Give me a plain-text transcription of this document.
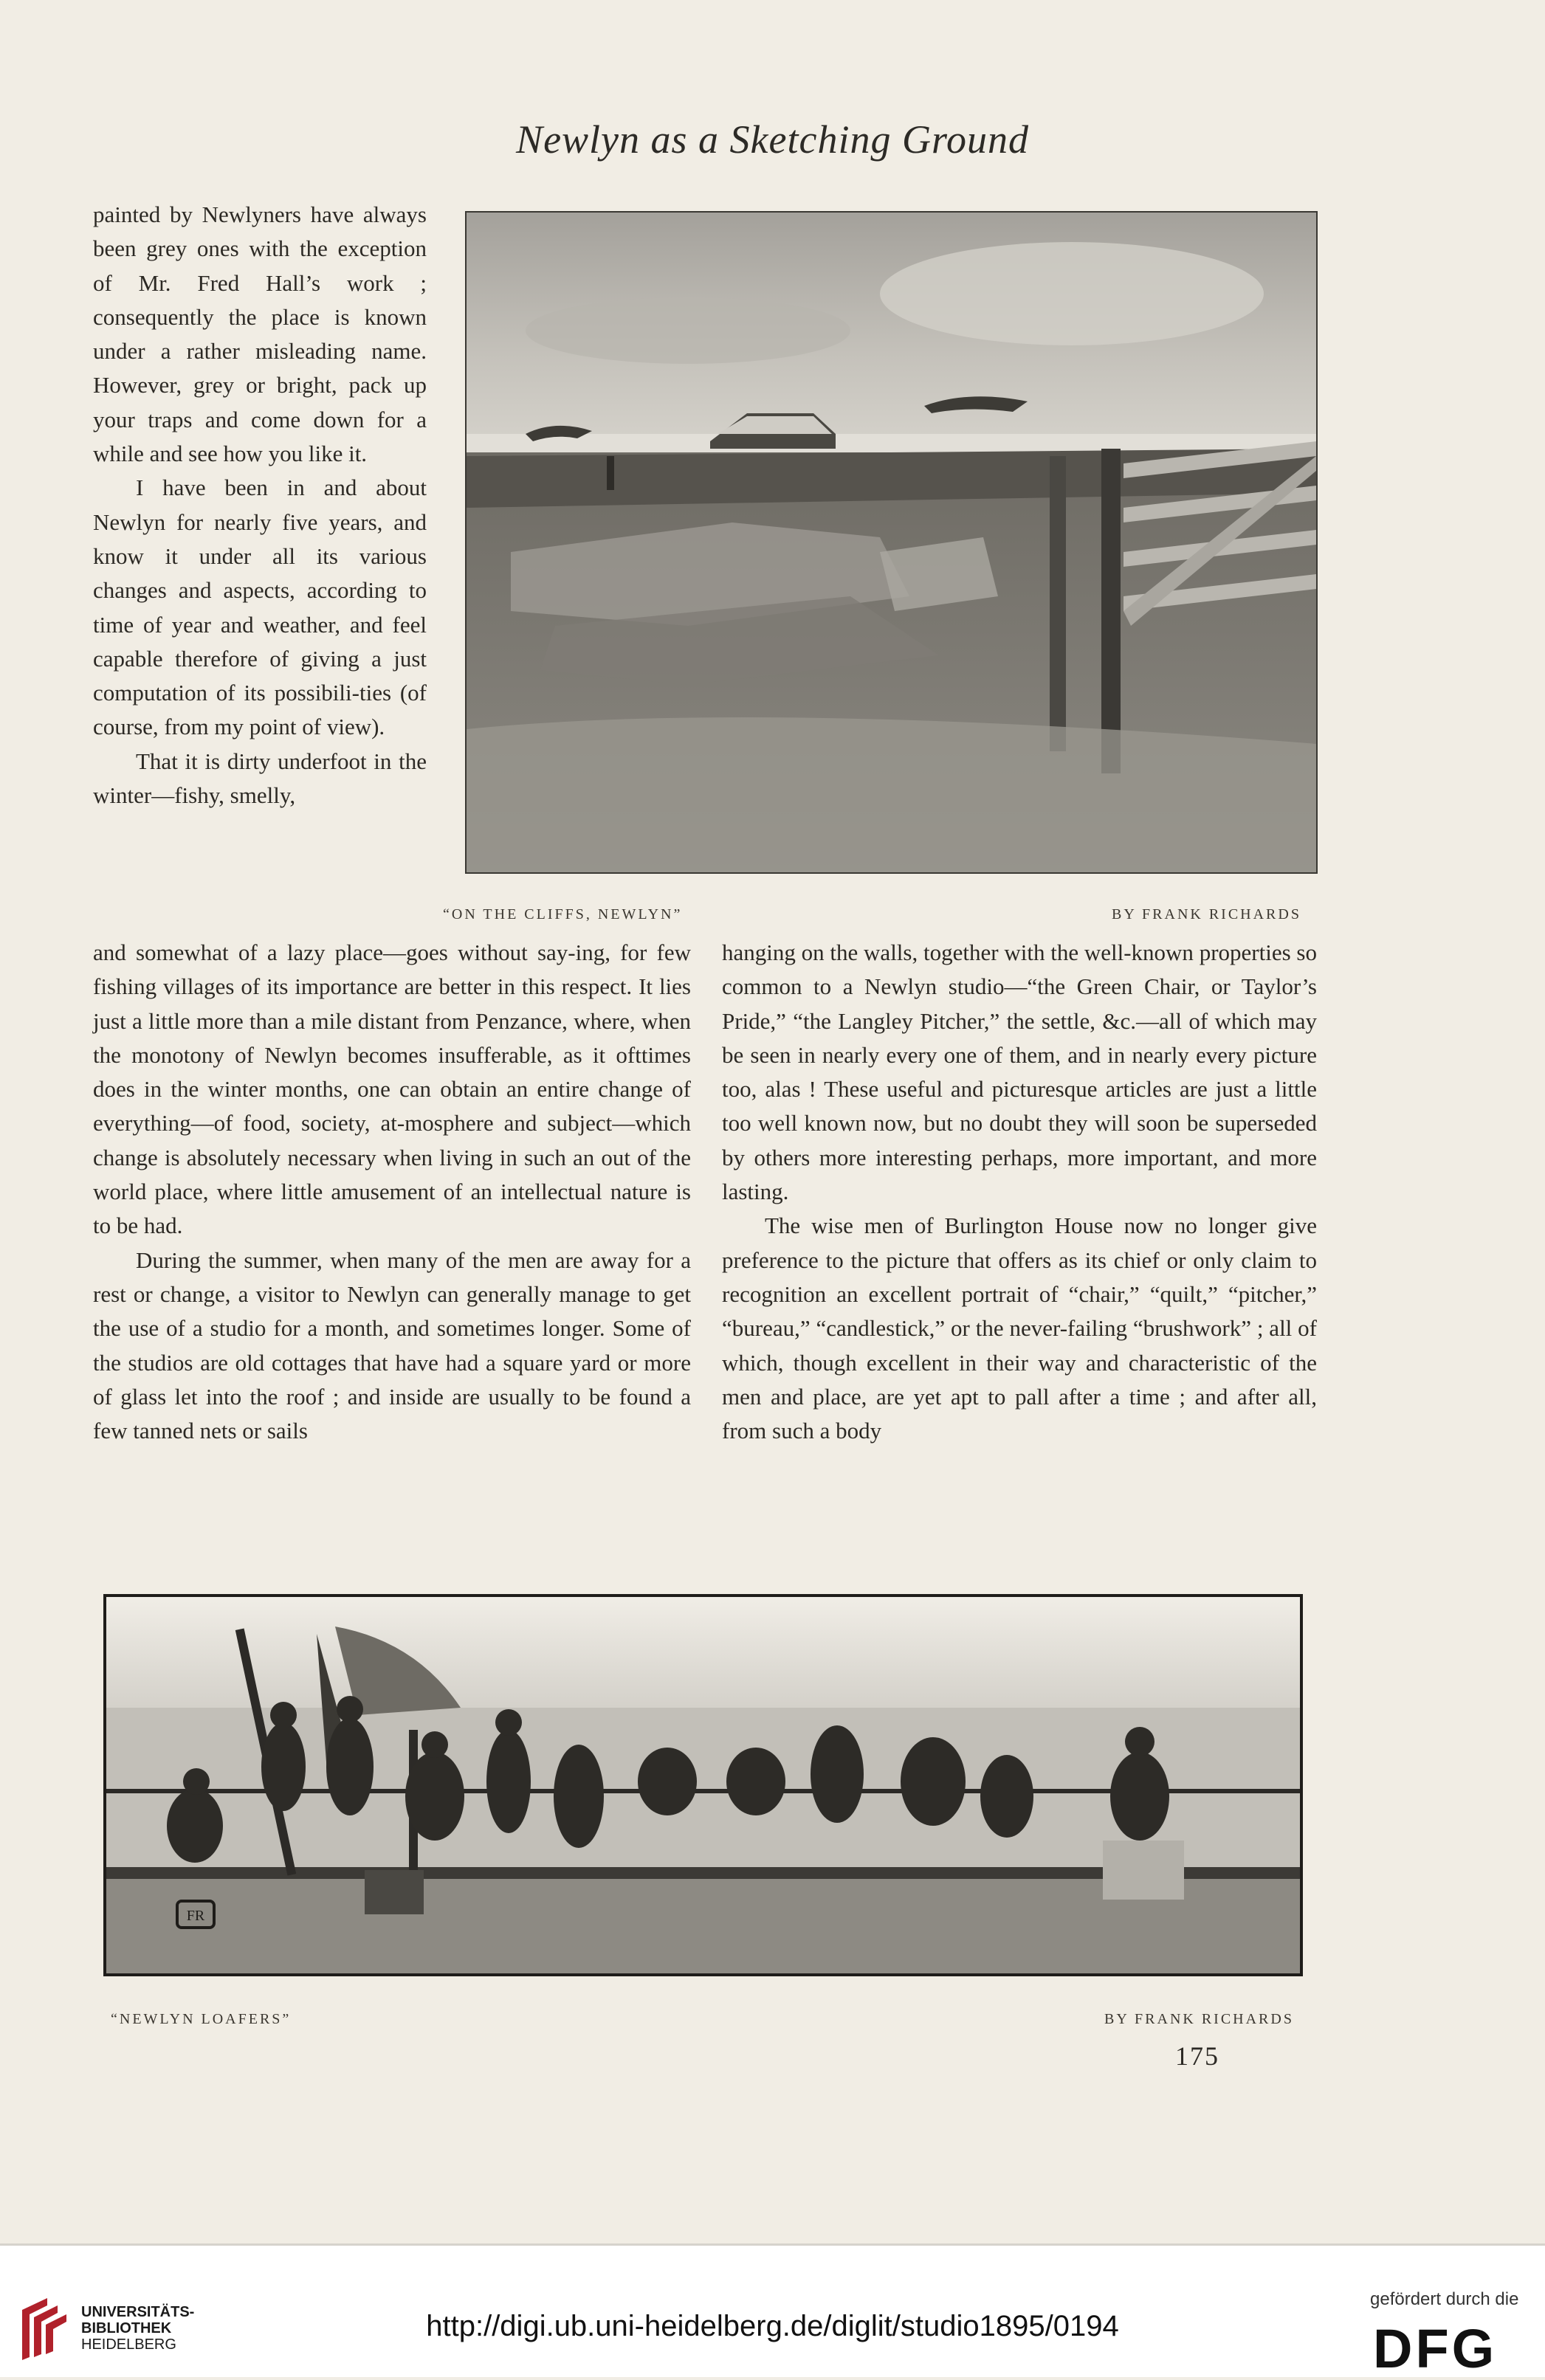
Newlyn as a Sketching Ground

painted by Newlyners have always been grey ones with the exception of Mr. Fred Hall’s work ; consequently the place is known under a rather misleading name. However, grey or bright, pack up your traps and come down for a while and see how you like it.

I have been in and about Newlyn for nearly five years, and know it under all its various changes and aspects, according to time of year and weather, and feel capable therefore of giving a just computation of its possibili-ties (of course, from my point of view).

That it is dirty underfoot in the winter—fishy, smelly,

“ON THE CLIFFS, NEWLYN”	BY FRANK RICHARDS

and somewhat of a lazy place—goes without say-ing, for few fishing villages of its importance are better in this respect. It lies just a little more than a mile distant from Penzance, where, when the monotony of Newlyn becomes insufferable, as it ofttimes does in the winter months, one can obtain an entire change of everything—of food, society, at-mosphere and subject—which change is absolutely necessary when living in such an out of the world place, where little amusement of an intellectual nature is to be had.

During the summer, when many of the men are away for a rest or change, a visitor to Newlyn can generally manage to get the use of a studio for a month, and sometimes longer. Some of the studios are old cottages that have had a square yard or more of glass let into the roof ; and inside are usually to be found a few tanned nets or sails

hanging on the walls, together with the well-known properties so common to a Newlyn studio—“the Green Chair, or Taylor’s Pride,” “the Langley Pitcher,” the settle, &c.—all of which may be seen in nearly every one of them, and in nearly every picture too, alas ! These useful and picturesque articles are just a little too well known now, but no doubt they will soon be superseded by others more interesting perhaps, more important, and more lasting.

The wise men of Burlington House now no longer give preference to the picture that offers as its chief or only claim to recognition an excellent portrait of “chair,” “quilt,” “pitcher,” “bureau,” “candlestick,” or the never-failing “brushwork” ; all of which, though excellent in their way and characteristic of the men and place, are yet apt to pall after a time ; and after all, from such a body

FR
“NEWLYN LOAFERS”	BY FRANK RICHARDS
175
UNIVERSITÄTS-
BIBLIOTHEK
HEIDELBERG
http://digi.ub.uni-heidelberg.de/diglit/studio1895/0194
gefördert durch die
DFG
